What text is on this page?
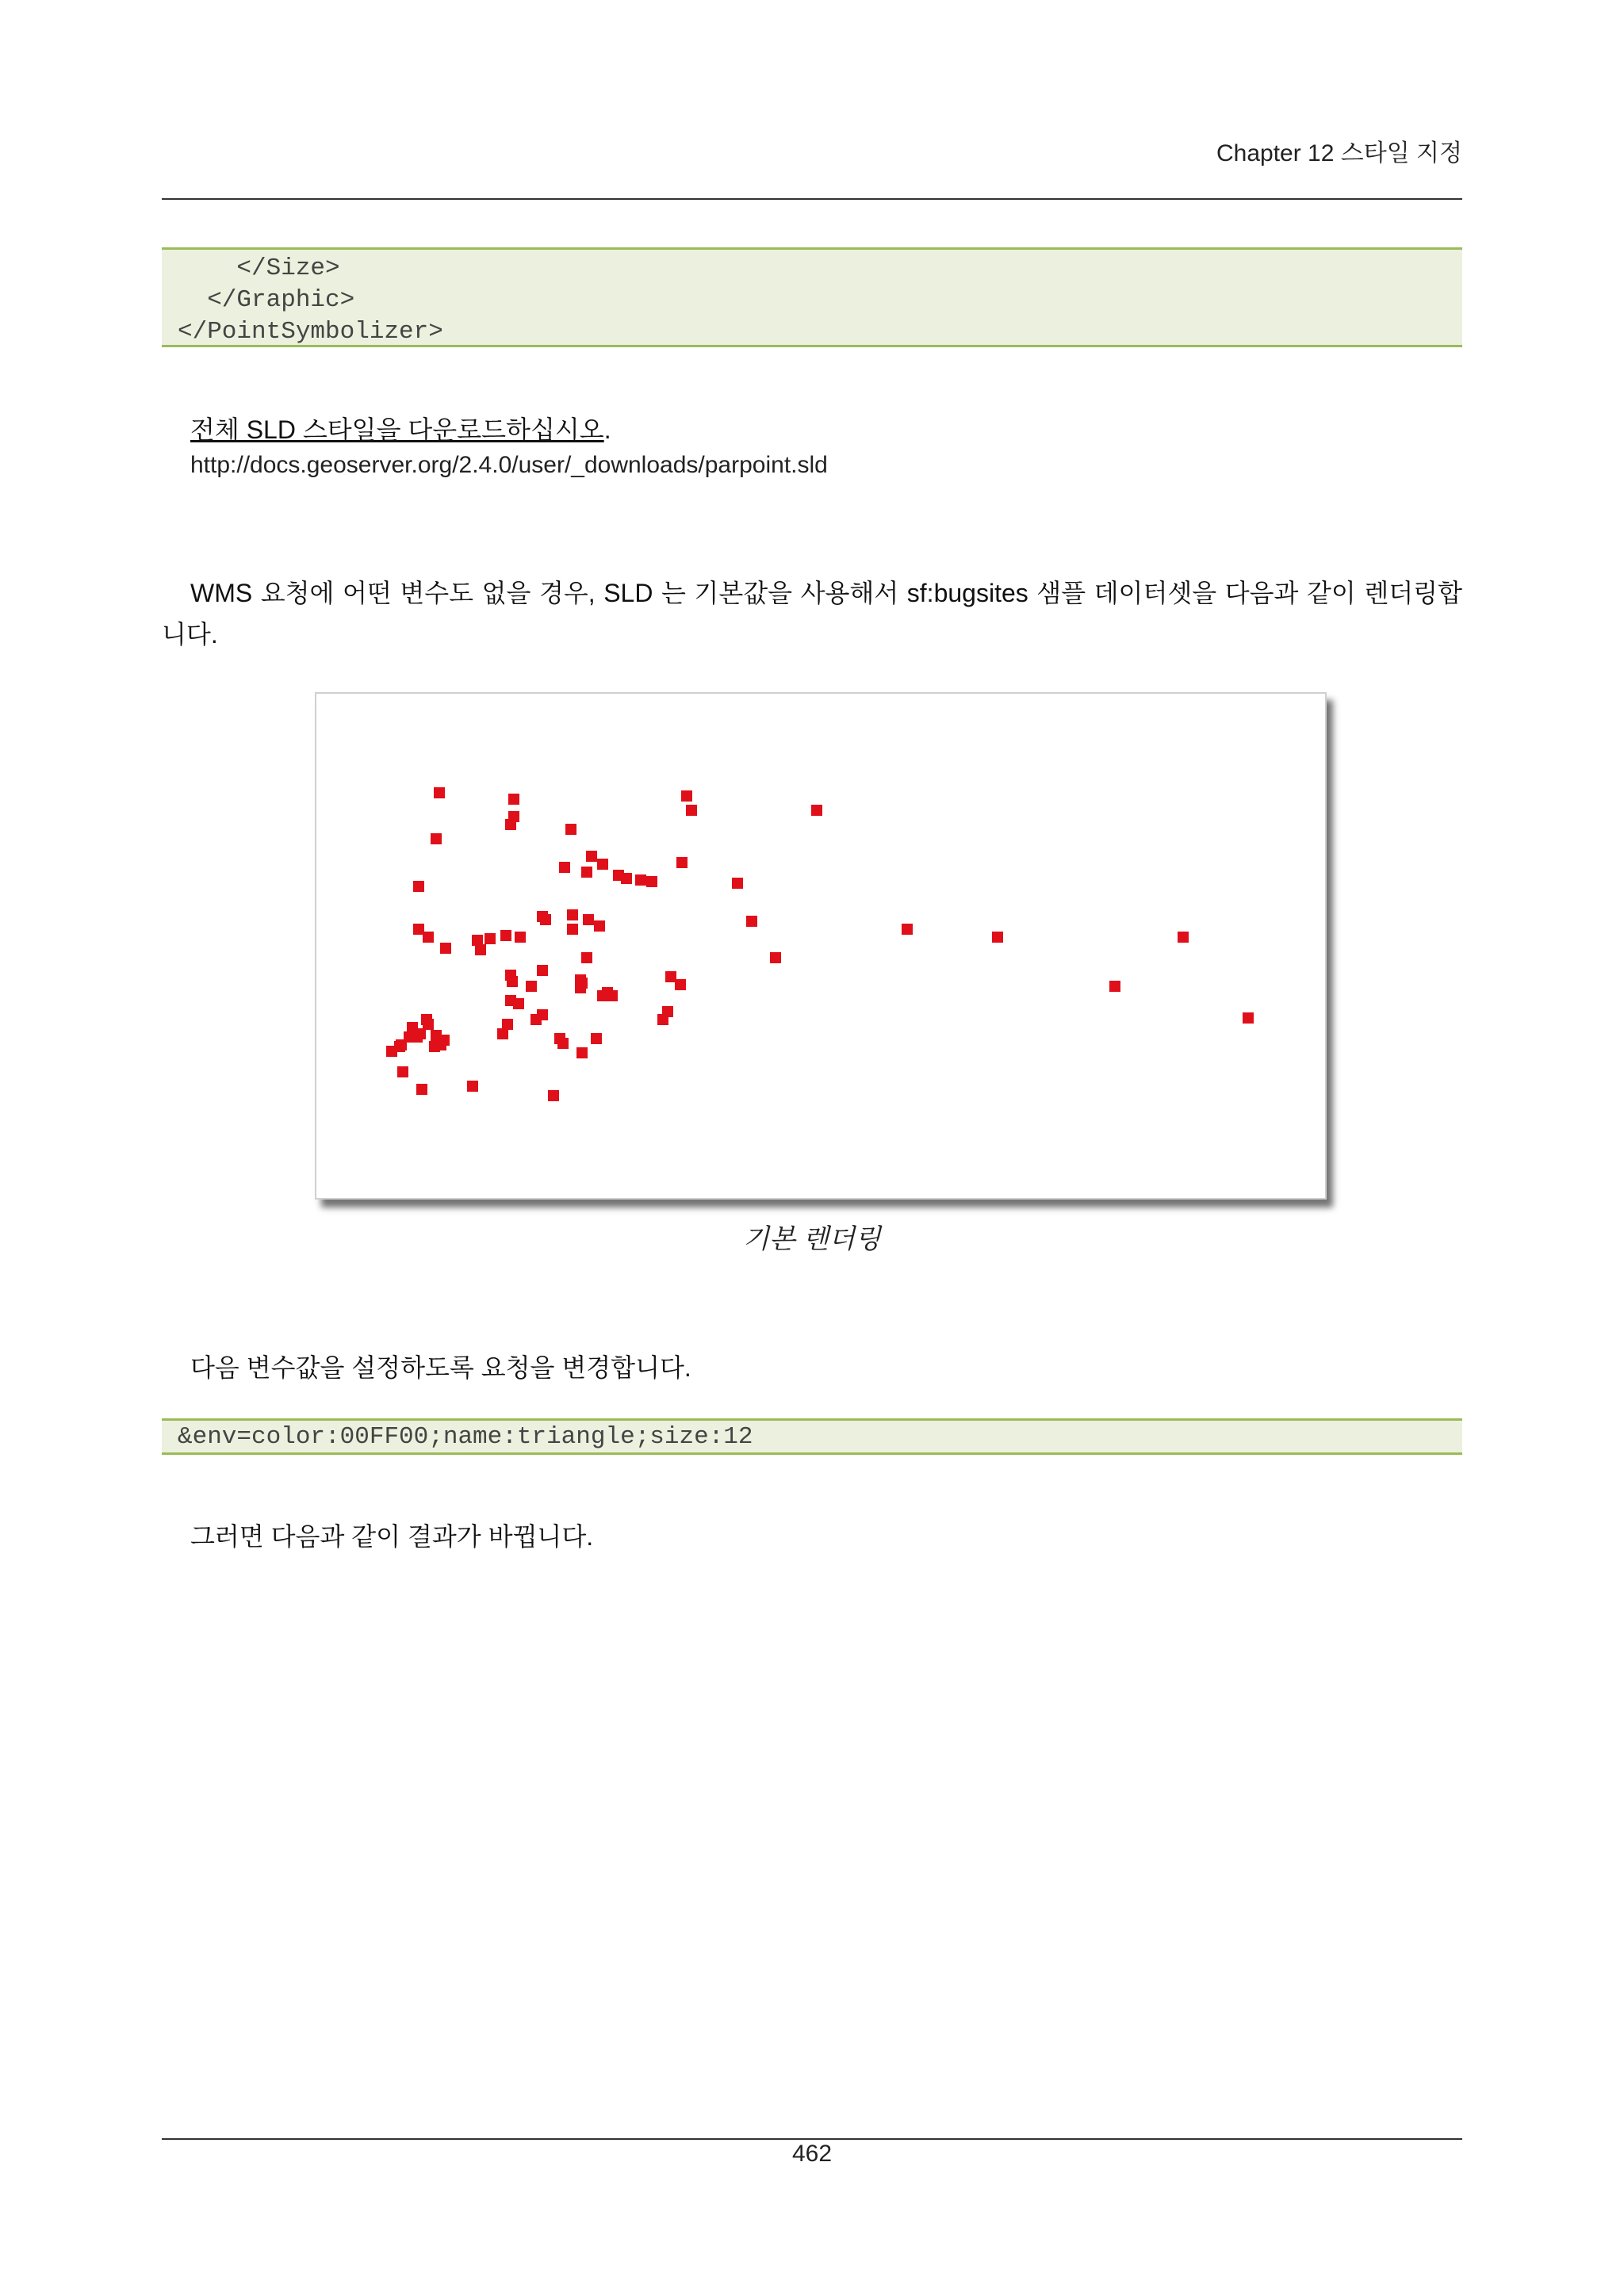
Chapter 12 스타일 지정
</Size>
</Graphic>
</PointSymbolizer>
전체 SLD 스타일을 다운로드하십시오.
http://docs.geoserver.org/2.4.0/user/_downloads/parpoint.sld
WMS 요청에 어떤 변수도 없을 경우, SLD 는 기본값을 사용해서 sf:bugsites 샘플 데이터셋을 다음과 같이 렌더링합니다.
기본 렌더링
다음 변수값을 설정하도록 요청을 변경합니다.
&env=color:00FF00;name:triangle;size:12
그러면 다음과 같이 결과가 바뀝니다.
462
